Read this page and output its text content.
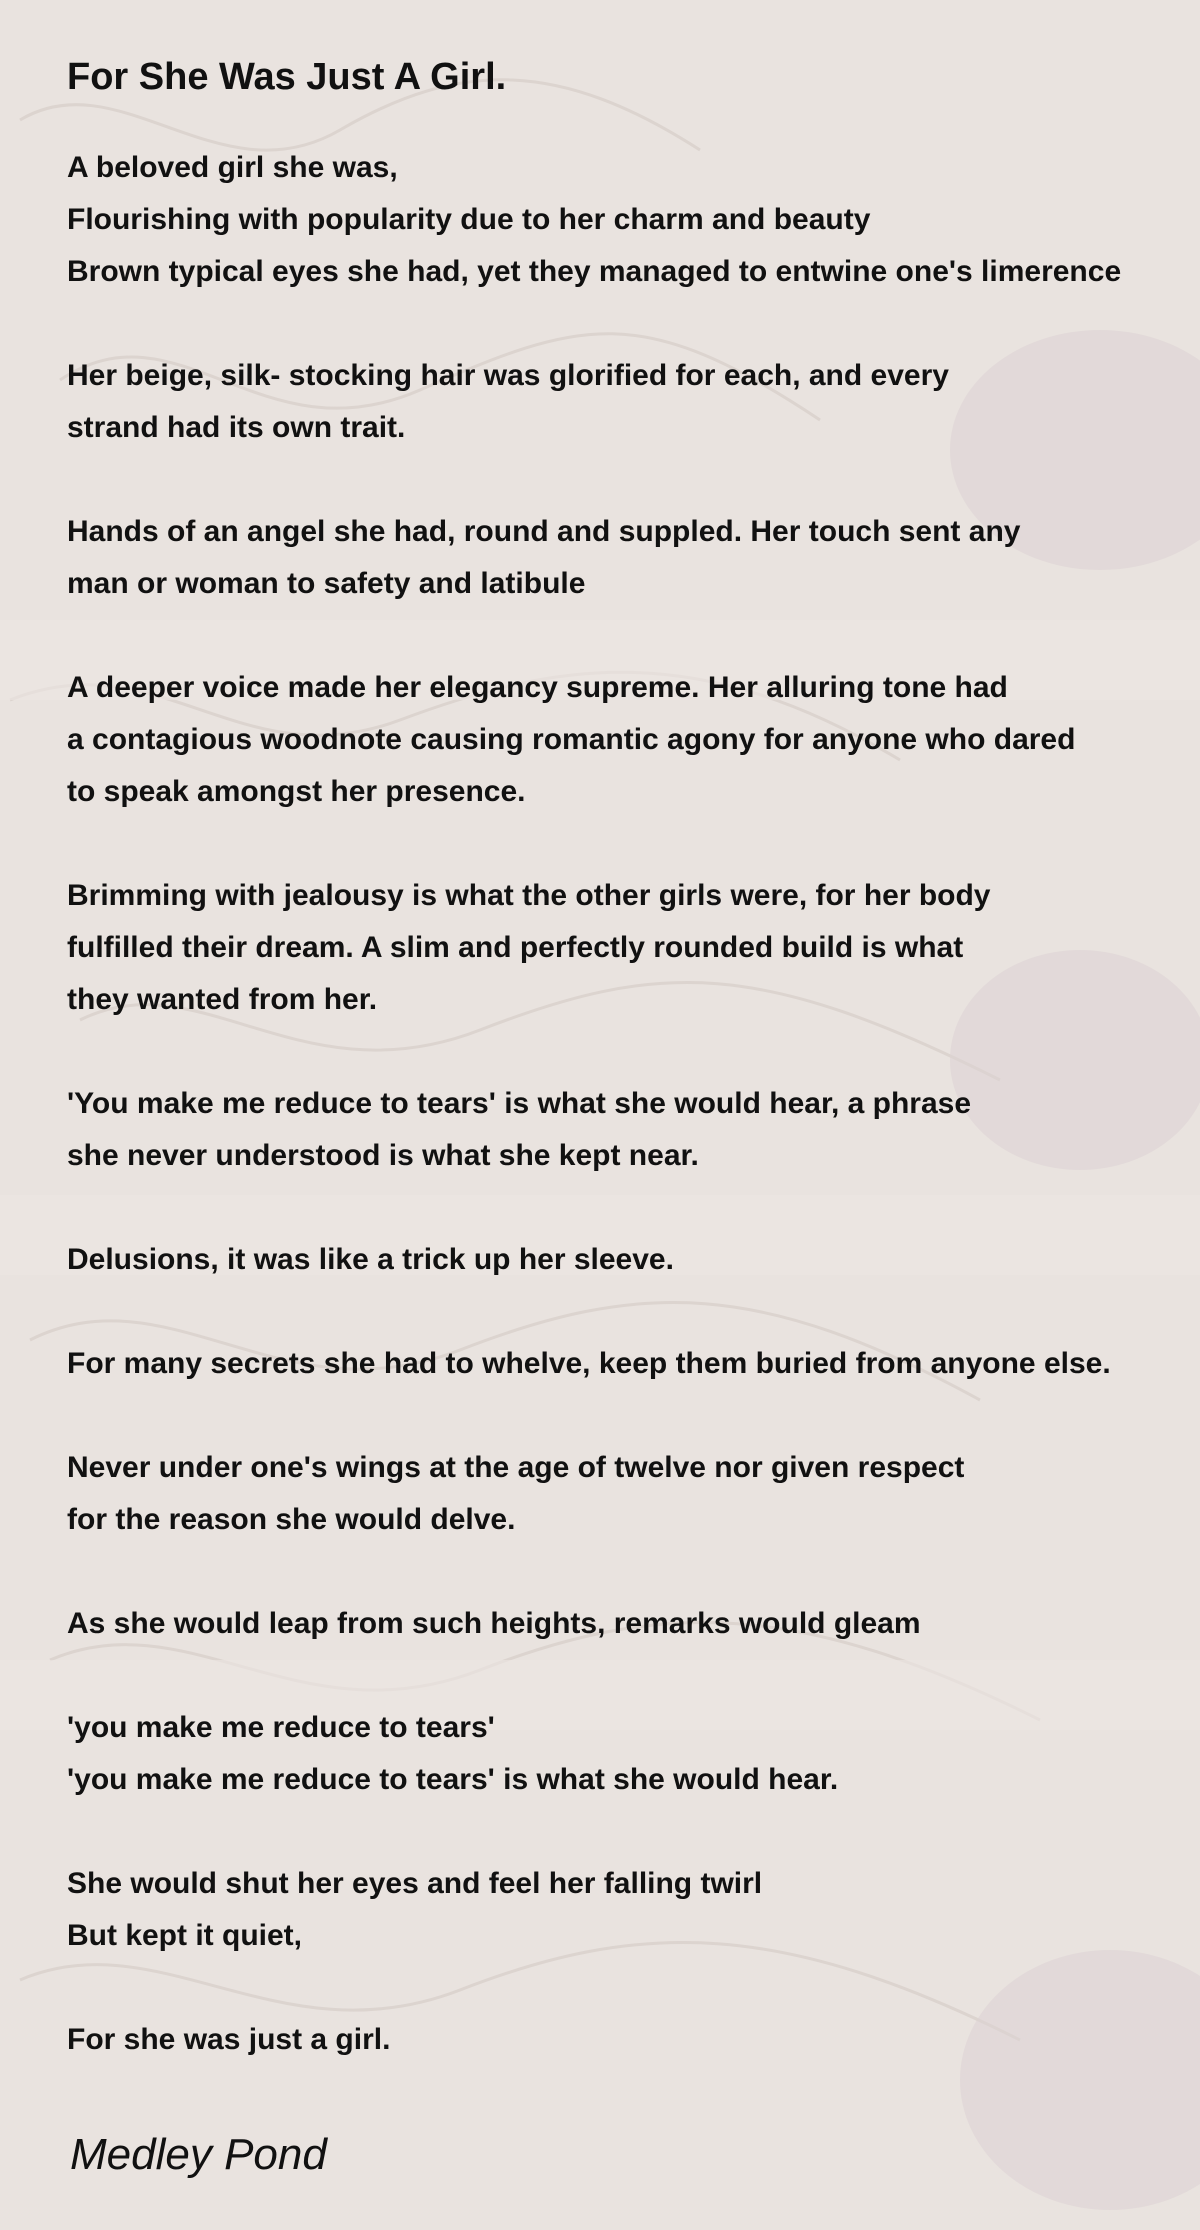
For She Was Just A Girl.
A beloved girl she was,
Flourishing with popularity due to her charm and beauty
Brown typical eyes she had, yet they managed to entwine one's limerence
Her beige, silk- stocking hair was glorified for each, and every
strand had its own trait.
Hands of an angel she had, round and suppled. Her touch sent any
man or woman to safety and latibule
A deeper voice made her elegancy supreme. Her alluring tone had
a contagious woodnote causing romantic agony for anyone who dared
to speak amongst her presence.
Brimming with jealousy is what the other girls were, for her body
fulfilled their dream. A slim and perfectly rounded build is what
they wanted from her.
'You make me reduce to tears' is what she would hear, a phrase
she never understood is what she kept near.
Delusions, it was like a trick up her sleeve.
For many secrets she had to whelve, keep them buried from anyone else.
Never under one's wings at the age of twelve nor given respect
for the reason she would delve.
As she would leap from such heights, remarks would gleam
'you make me reduce to tears'
'you make me reduce to tears' is what she would hear.
She would shut her eyes and feel her falling twirl
But kept it quiet,
For she was just a girl.
Medley Pond
